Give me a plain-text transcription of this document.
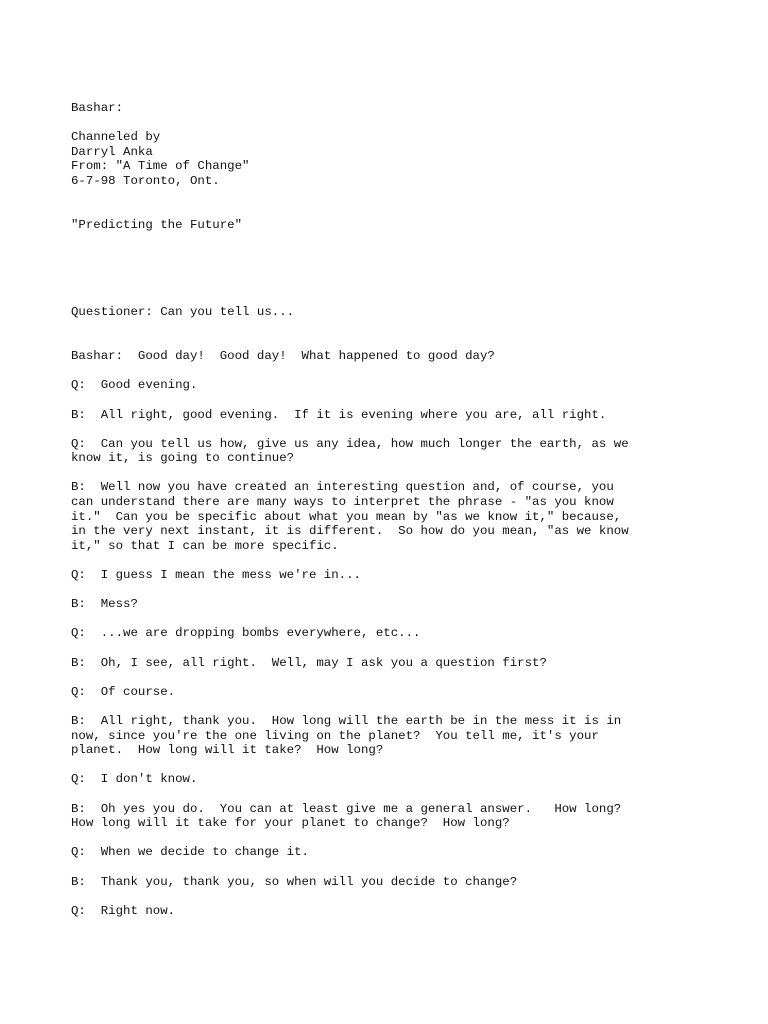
Bashar:
Channeled by
Darryl Anka
From: "A Time of Change"
6-7-98 Toronto, Ont.
"Predicting the Future"
Questioner: Can you tell us...
Bashar:  Good day!  Good day!  What happened to good day?
Q:  Good evening.
B:  All right, good evening.  If it is evening where you are, all right.
Q:  Can you tell us how, give us any idea, how much longer the earth, as we
know it, is going to continue?
B:  Well now you have created an interesting question and, of course, you
can understand there are many ways to interpret the phrase - "as you know
it."  Can you be specific about what you mean by "as we know it," because,
in the very next instant, it is different.  So how do you mean, "as we know
it," so that I can be more specific.
Q:  I guess I mean the mess we're in...
B:  Mess?
Q:  ...we are dropping bombs everywhere, etc...
B:  Oh, I see, all right.  Well, may I ask you a question first?
Q:  Of course.
B:  All right, thank you.  How long will the earth be in the mess it is in
now, since you're the one living on the planet?  You tell me, it's your
planet.  How long will it take?  How long?
Q:  I don't know.
B:  Oh yes you do.  You can at least give me a general answer.   How long?
How long will it take for your planet to change?  How long?
Q:  When we decide to change it.
B:  Thank you, thank you, so when will you decide to change?
Q:  Right now.
